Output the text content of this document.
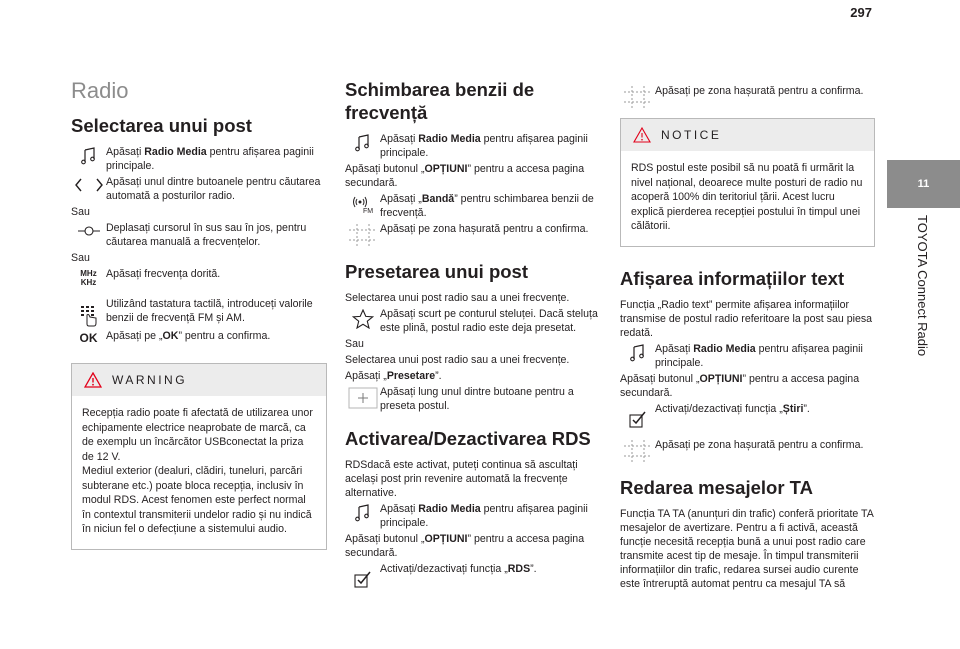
297
11
TOYOTA Connect Radio
Radio
Selectarea unui post
Apăsați Radio Media pentru afișarea paginii principale.
Apăsați unul dintre butoanele pentru căutarea automată a posturilor radio.
Sau
Deplasați cursorul în sus sau în jos, pentru căutarea manuală a frecvențelor.
Sau
MHz
KHz
Apăsați frecvența dorită.
Utilizând tastatura tactilă, introduceți valorile benzii de frecvență FM și AM.
OK Apăsați pe „OK” pentru a confirma.
WARNING
Recepția radio poate fi afectată de utilizarea unor echipamente electrice neaprobate de marcă, ca de exemplu un încărcător USBconectat la priza de 12 V.
Mediul exterior (dealuri, clădiri, tuneluri, parcări subterane etc.) poate bloca recepția, inclusiv în modul RDS. Acest fenomen este perfect normal în contextul transmiterii undelor radio și nu indică în niciun fel o defecțiune a sistemului audio.
Schimbarea benzii de frecvență
Apăsați Radio Media pentru afișarea paginii principale.
Apăsați butonul „OPȚIUNI” pentru a accesa pagina secundară.
FM
Apăsați „Bandă” pentru schimbarea benzii de frecvență.
Apăsați pe zona hașurată pentru a confirma.
Presetarea unui post
Selectarea unui post radio sau a unei frecvențe.
Apăsați scurt pe conturul steluței. Dacă steluța este plină, postul radio este deja presetat.
Sau
Selectarea unui post radio sau a unei frecvențe.
Apăsați „Presetare”.
Apăsați lung unul dintre butoane pentru a preseta postul.
Activarea/Dezactivarea RDS
RDSdacă este activat, puteți continua să ascultați același post prin revenire automată la frecvențe alternative.
Apăsați Radio Media pentru afișarea paginii principale.
Apăsați butonul „OPȚIUNI” pentru a accesa pagina secundară.
Activați/dezactivați funcția „RDS”.
Apăsați pe zona hașurată pentru a confirma.
NOTICE
RDS postul este posibil să nu poată fi urmărit la nivel național, deoarece multe posturi de radio nu acoperă 100% din teritoriul țării. Acest lucru explică pierderea recepției postului în timpul unei călătorii.
Afișarea informațiilor text
Funcția „Radio text” permite afișarea informațiilor transmise de postul radio referitoare la post sau piesa redată.
Apăsați Radio Media pentru afișarea paginii principale.
Apăsați butonul „OPȚIUNI” pentru a accesa pagina secundară.
Activați/dezactivați funcția „Știri”.
Apăsați pe zona hașurată pentru a confirma.
Redarea mesajelor TA
Funcția TA TA (anunțuri din trafic) conferă prioritate TA mesajelor de avertizare. Pentru a fi activă, această funcție necesită recepția bună a unui post radio care transmite acest tip de mesaje. În timpul transmiterii informațiilor din trafic, redarea sursei audio curente este întreruptă automat pentru ca mesajul TA să
